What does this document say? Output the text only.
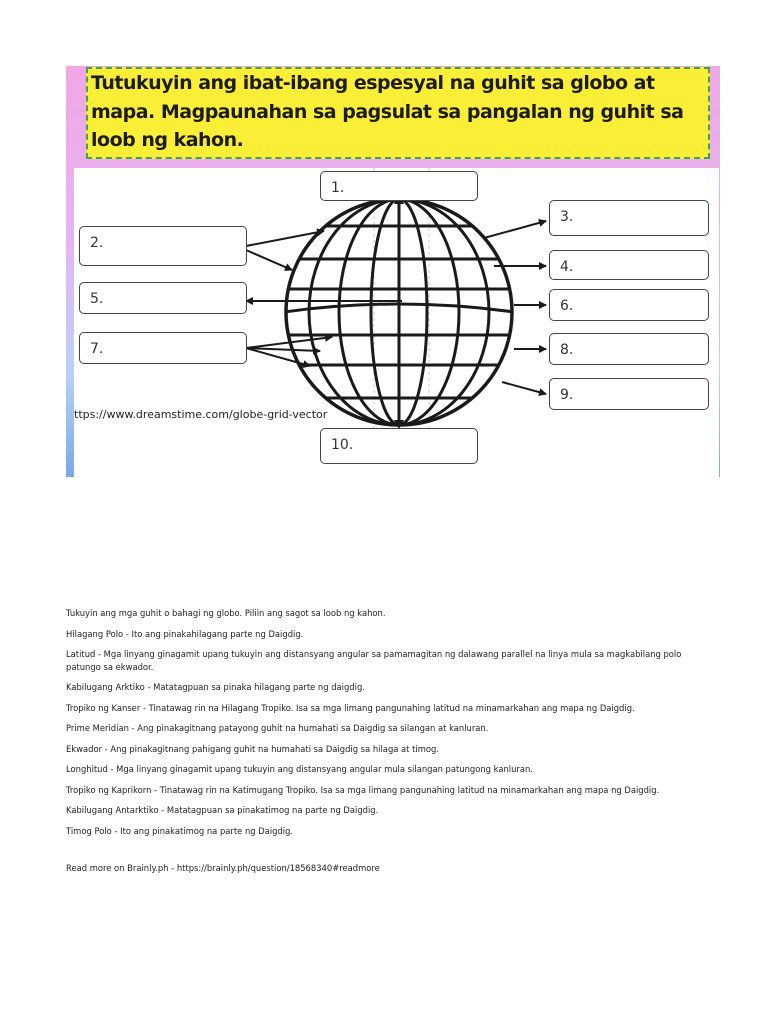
Tutukuyin ang ibat-ibang espesyal na guhit sa globo at mapa. Magpaunahan sa pagsulat sa pangalan ng guhit sa loob ng kahon.
1.
2.
3.
4.
5.	6.
7.	8.
9.
10.
ttps://www.dreamstime.com/globe-grid-vector

Tukuyin ang mga guhit o bahagi ng globo. Piliin ang sagot sa loob ng kahon.

Hilagang Polo - Ito ang pinakahilagang parte ng Daigdig.

Latitud - Mga linyang ginagamit upang tukuyin ang distansyang angular sa pamamagitan ng dalawang parallel na linya mula sa magkabilang polo patungo sa ekwador.

Kabilugang Arktiko - Matatagpuan sa pinaka hilagang parte ng daigdig.

Tropiko ng Kanser - Tinatawag rin na Hilagang Tropiko. Isa sa mga limang pangunahing latitud na minamarkahan ang mapa ng Daigdig.

Prime Meridian - Ang pinakagitnang patayong guhit na humahati sa Daigdig sa silangan at kanluran.

Ekwador - Ang pinakagitnang pahigang guhit na humahati sa Daigdig sa hilaga at timog.

Longhitud - Mga linyang ginagamit upang tukuyin ang distansyang angular mula silangan patungong kanluran.

Tropiko ng Kaprikorn - Tinatawag rin na Katimugang Tropiko. Isa sa mga limang pangunahing latitud na minamarkahan ang mapa ng Daigdig.

Kabilugang Antarktiko - Matatagpuan sa pinakatimog na parte ng Daigdig.

Timog Polo - Ito ang pinakatimog na parte ng Daigdig.

Read more on Brainly.ph - https://brainly.ph/question/18568340#readmore
